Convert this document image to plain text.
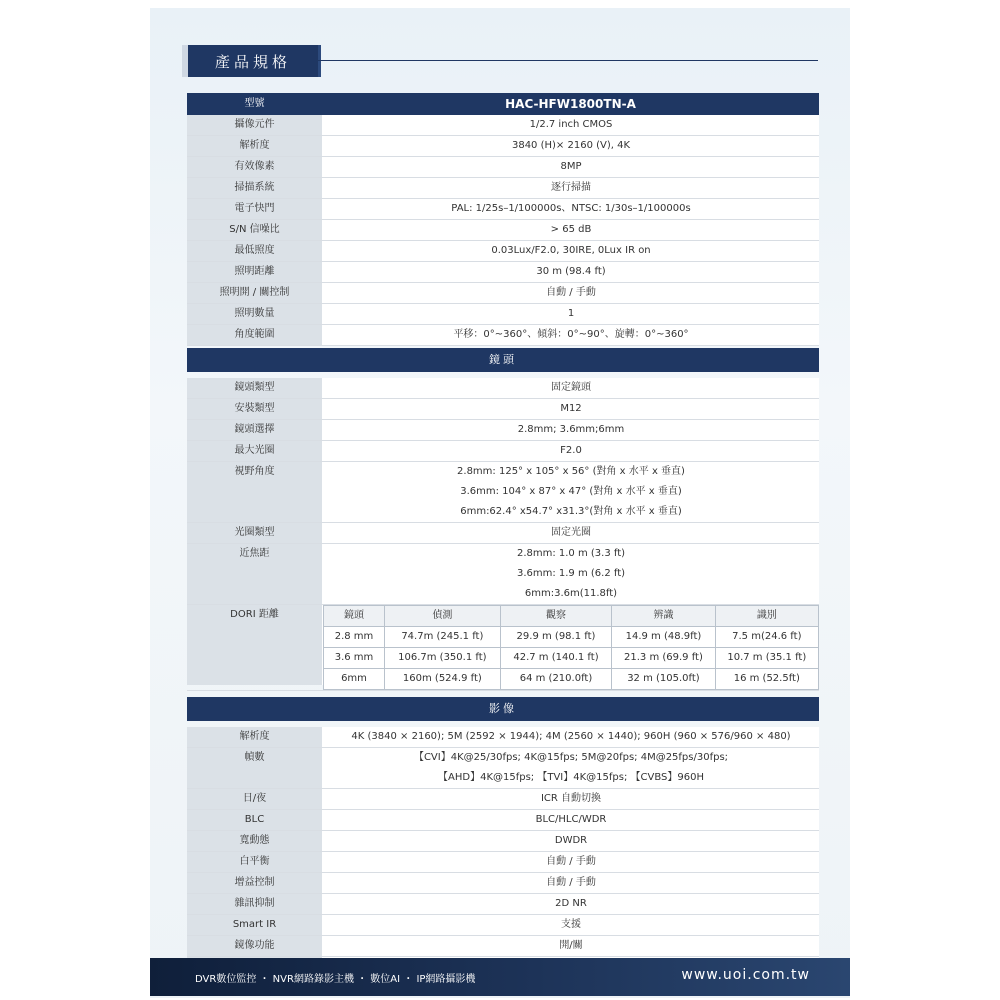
產品規格
型號	HAC-HFW1800TN-A
攝像元件	1/2.7 inch CMOS
解析度	3840 (H)× 2160 (V), 4K
有效像素	8MP
掃描系統	逐行掃描
電子快門	PAL: 1/25s–1/100000s、NTSC: 1/30s–1/100000s
S/N 信噪比	> 65 dB
最低照度	0.03Lux/F2.0, 30IRE, 0Lux IR on
照明距離	30 m (98.4 ft)
照明開 / 關控制	自動 / 手動
照明數量	1
角度範圍	平移：0°~360°、傾斜：0°~90°、旋轉：0°~360°
鏡頭
鏡頭類型	固定鏡頭
安裝類型	M12
鏡頭選擇	2.8mm; 3.6mm;6mm
最大光圈	F2.0
視野角度	2.8mm: 125° x 105° x 56° (對角 x 水平 x 垂直)
3.6mm: 104° x 87° x 47° (對角 x 水平 x 垂直)
6mm:62.4° x54.7° x31.3°(對角 x 水平 x 垂直)
光圈類型	固定光圈
近焦距	2.8mm: 1.0 m (3.3 ft)
3.6mm: 1.9 m (6.2 ft)
6mm:3.6m(11.8ft)
DORI 距離	鏡頭	偵測	觀察	辨識	識別
2.8 mm	74.7m (245.1 ft)	29.9 m (98.1 ft)	14.9 m (48.9ft)	7.5 m(24.6 ft)
3.6 mm	106.7m (350.1 ft)	42.7 m (140.1 ft)	21.3 m (69.9 ft)	10.7 m (35.1 ft)
6mm	160m (524.9 ft)	64 m (210.0ft)	32 m (105.0ft)	16 m (52.5ft)
影像
解析度	4K (3840 × 2160); 5M (2592 × 1944); 4M (2560 × 1440); 960H (960 × 576/960 × 480)
幀數	【CVI】4K@25/30fps; 4K@15fps; 5M@20fps; 4M@25fps/30fps;
【AHD】4K@15fps; 【TVI】4K@15fps; 【CVBS】960H
日/夜	ICR 自動切換
BLC	BLC/HLC/WDR
寬動態	DWDR
白平衡	自動 / 手動
增益控制	自動 / 手動
雜訊抑制	2D NR
Smart IR	支援
鏡像功能	開/關
DVR數位監控 ・ NVR網路錄影主機 ・ 數位AI ・ IP網路攝影機	www.uoi.com.tw
